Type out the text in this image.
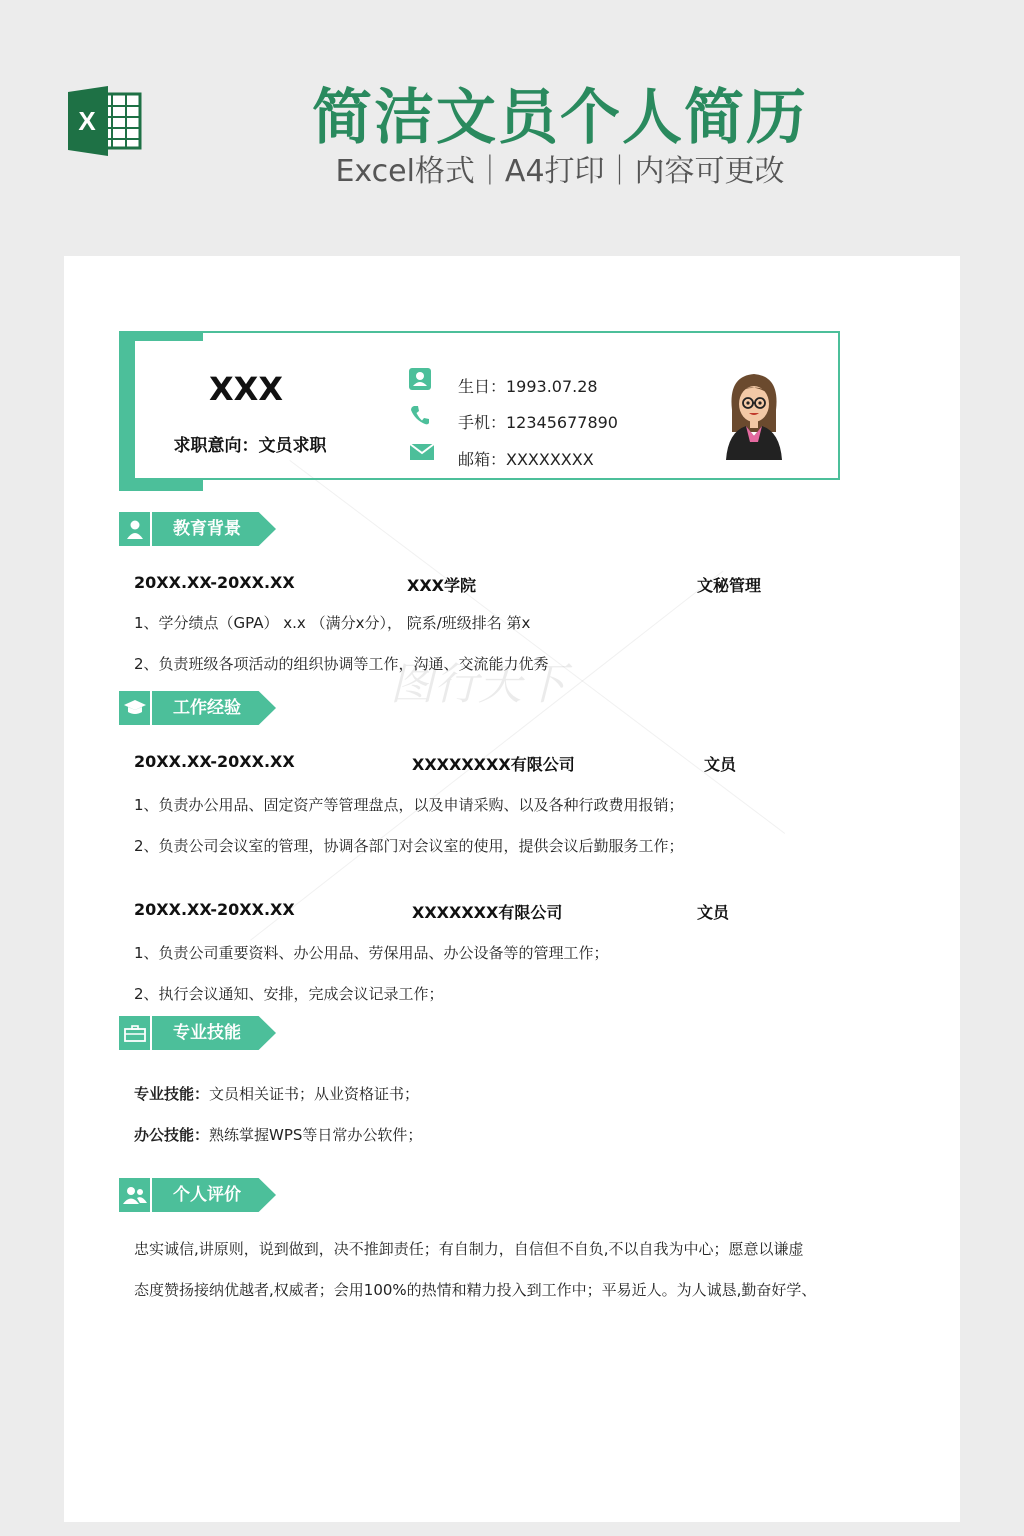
X	简洁文员个人简历
Excel格式｜A4打印｜内容可更改
图行天下
XXX
求职意向：文员求职
生日：1993.07.28
手机：12345677890
邮箱：XXXXXXXX
教育背景
20XX.XX-20XX.XX	XXX学院	文秘管理
1、学分绩点（GPA） x.x （满分x分）， 院系/班级排名 第x
2、负责班级各项活动的组织协调等工作，沟通、交流能力优秀
工作经验
20XX.XX-20XX.XX	XXXXXXXX有限公司	文员
1、负责办公用品、固定资产等管理盘点，以及申请采购、以及各种行政费用报销；
2、负责公司会议室的管理，协调各部门对会议室的使用，提供会议后勤服务工作；
20XX.XX-20XX.XX	XXXXXXX有限公司	文员
1、负责公司重要资料、办公用品、劳保用品、办公设备等的管理工作；
2、执行会议通知、安排，完成会议记录工作；
专业技能
专业技能：文员相关证书；从业资格证书；
办公技能：熟练掌握WPS等日常办公软件；
个人评价
忠实诚信,讲原则，说到做到，决不推卸责任；有自制力，自信但不自负,不以自我为中心；愿意以谦虚
态度赞扬接纳优越者,权威者；会用100%的热情和精力投入到工作中；平易近人。为人诚恳,勤奋好学、
